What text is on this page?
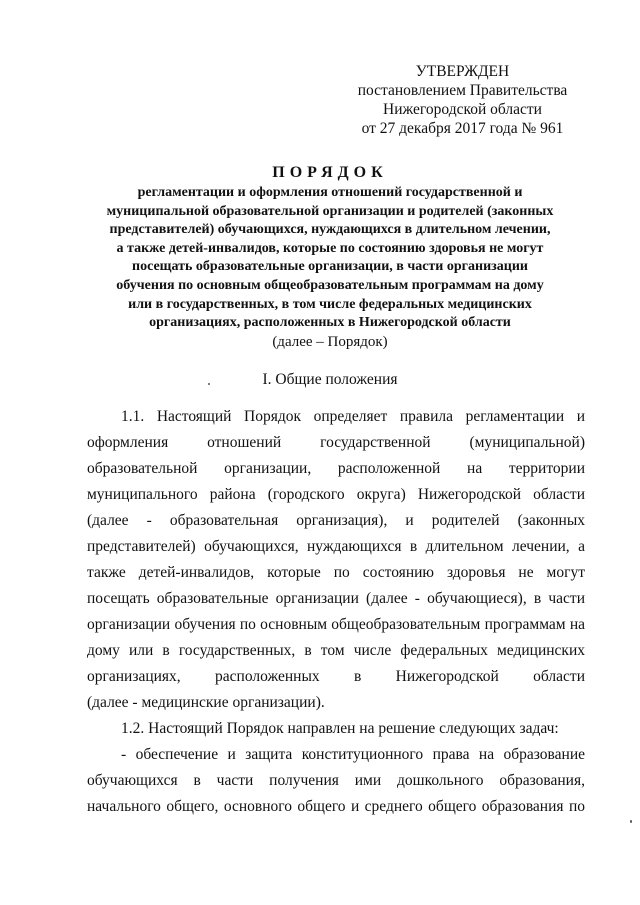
УТВЕРЖДЕН
постановлением Правительства
Нижегородской области
от 27 декабря 2017 года № 961
ПОРЯДОК
регламентации и оформления отношений государственной и
муниципальной образовательной организации и родителей (законных
представителей) обучающихся, нуждающихся в длительном лечении,
а также детей-инвалидов, которые по состоянию здоровья не могут
посещать образовательные организации, в части организации
обучения по основным общеобразовательным программам на дому
или в государственных, в том числе федеральных медицинских
организациях, расположенных в Нижегородской области
(далее – Порядок)
I. Общие положения
1.1. Настоящий Порядок определяет правила регламентации и
оформления отношений государственной (муниципальной)
образовательной организации, расположенной на территории
муниципального района (городского округа) Нижегородской области
(далее - образовательная организация), и родителей (законных
представителей) обучающихся, нуждающихся в длительном лечении, а
также детей-инвалидов, которые по состоянию здоровья не могут
посещать образовательные организации (далее - обучающиеся), в части
организации обучения по основным общеобразовательным программам на
дому или в государственных, в том числе федеральных медицинских
организациях, расположенных в Нижегородской области
(далее - медицинские организации).
1.2. Настоящий Порядок направлен на решение следующих задач:
- обеспечение и защита конституционного права на образование
обучающихся в части получения ими дошкольного образования,
начального общего, основного общего и среднего общего образования по
